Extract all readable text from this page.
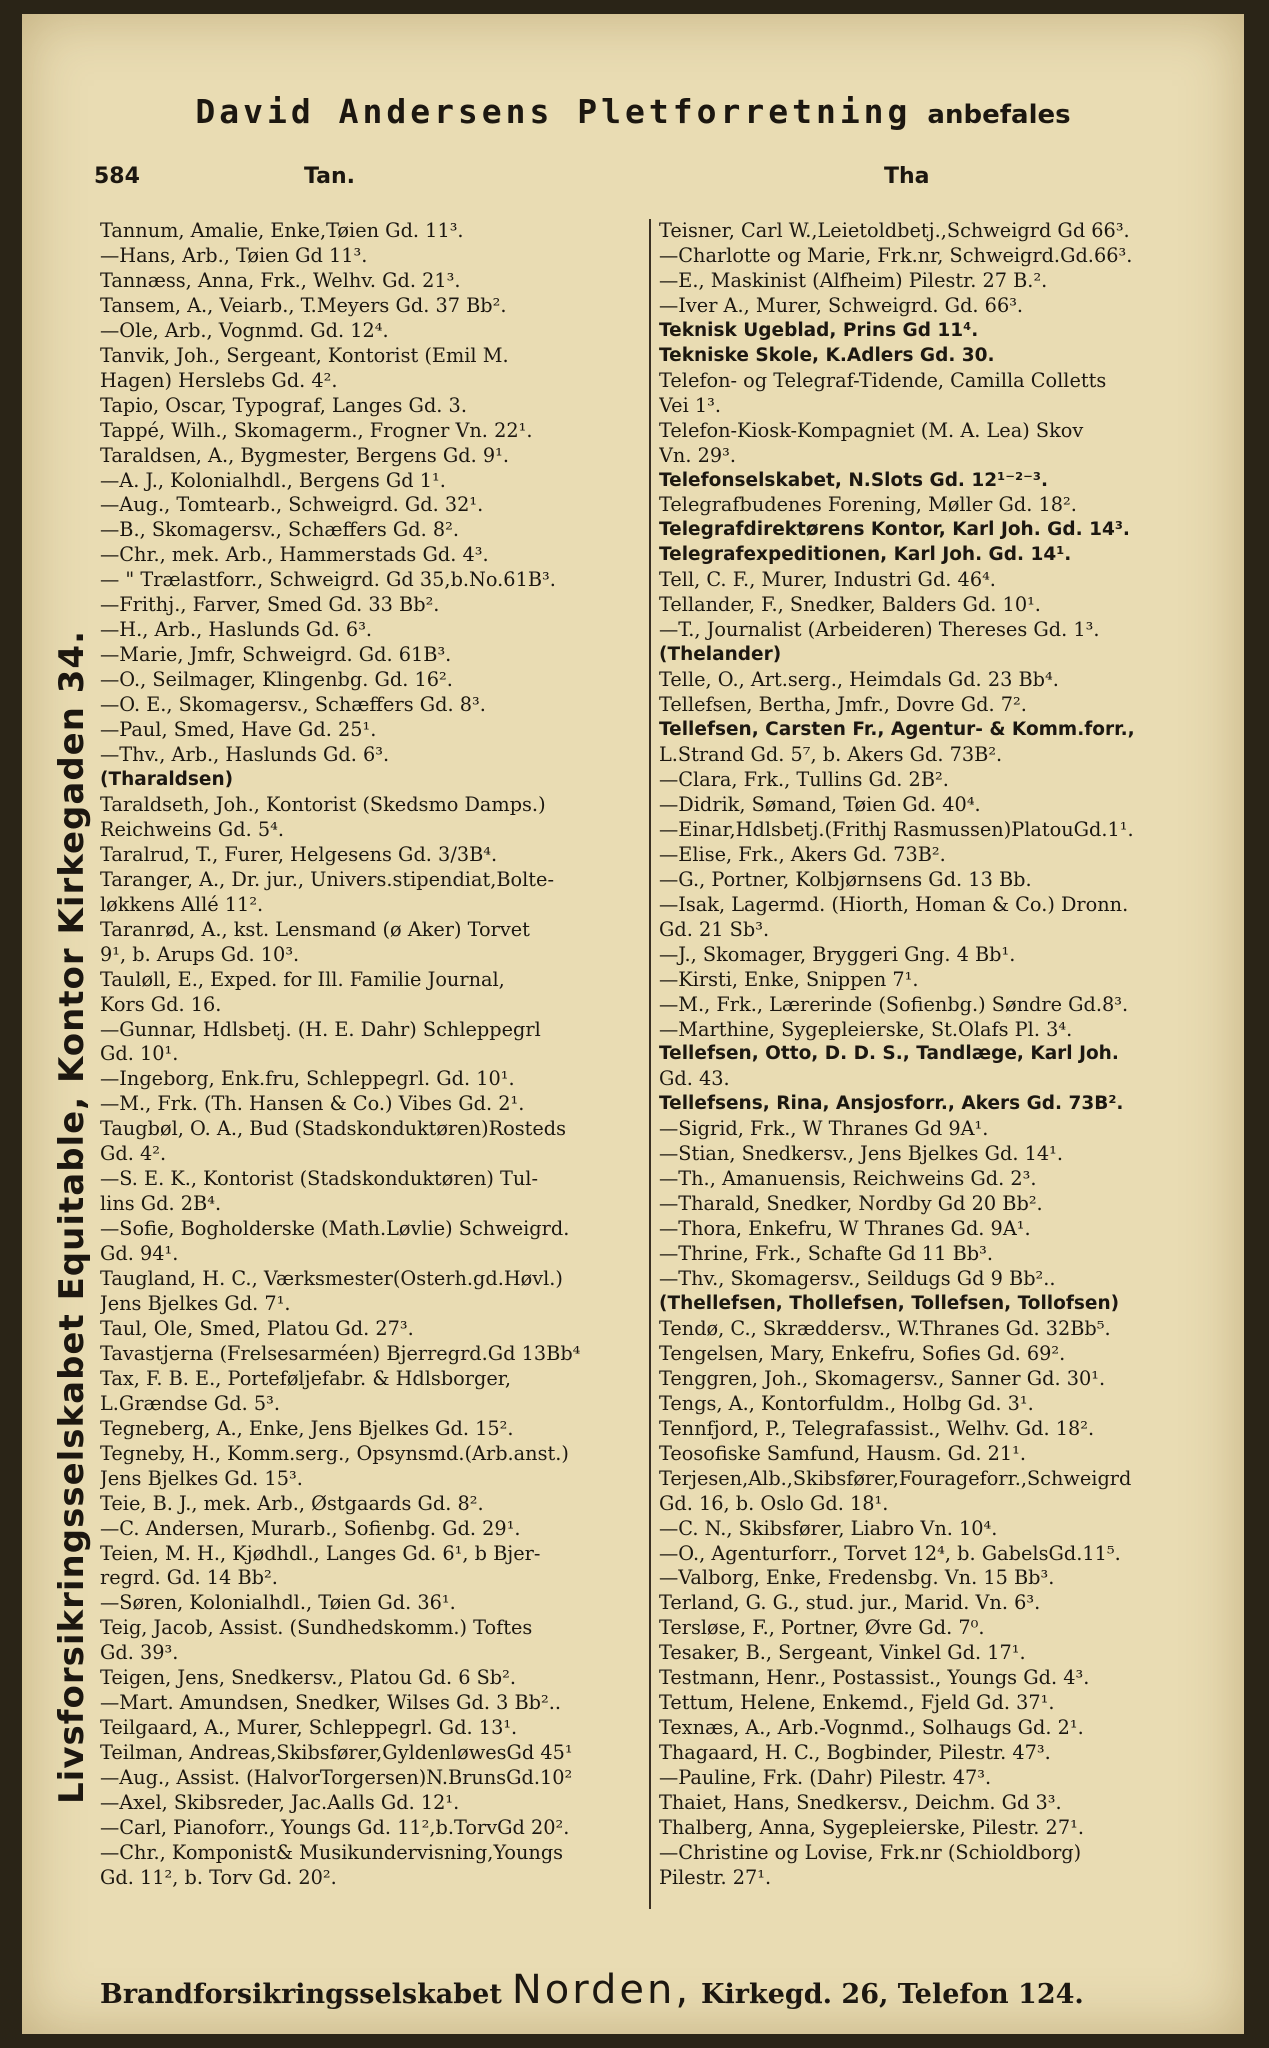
David Andersens Pletforretning anbefales
584	Tan.	Tha
Livsforsikringsselskabet Equitable, Kontor Kirkegaden 34.
Tannum, Amalie, Enke,Tøien Gd. 11³.
—Hans, Arb., Tøien Gd 11³.
Tannæss, Anna, Frk., Welhv. Gd. 21³.
Tansem, A., Veiarb., T.Meyers Gd. 37 Bb².
—Ole, Arb., Vognmd. Gd. 12⁴.
Tanvik, Joh., Sergeant, Kontorist (Emil M.
Hagen) Herslebs Gd. 4².
Tapio, Oscar, Typograf, Langes Gd. 3.
Tappé, Wilh., Skomagerm., Frogner Vn. 22¹.
Taraldsen, A., Bygmester, Bergens Gd. 9¹.
—A. J., Kolonialhdl., Bergens Gd 1¹.
—Aug., Tomtearb., Schweigrd. Gd. 32¹.
—B., Skomagersv., Schæffers Gd. 8².
—Chr., mek. Arb., Hammerstads Gd. 4³.
— " Trælastforr., Schweigrd. Gd 35,b.No.61B³.
—Frithj., Farver, Smed Gd. 33 Bb².
—H., Arb., Haslunds Gd. 6³.
—Marie, Jmfr, Schweigrd. Gd. 61B³.
—O., Seilmager, Klingenbg. Gd. 16².
—O. E., Skomagersv., Schæffers Gd. 8³.
—Paul, Smed, Have Gd. 25¹.
—Thv., Arb., Haslunds Gd. 6³.
(Tharaldsen)
Taraldseth, Joh., Kontorist (Skedsmo Damps.)
Reichweins Gd. 5⁴.
Taralrud, T., Furer, Helgesens Gd. 3/3B⁴.
Taranger, A., Dr. jur., Univers.stipendiat,Bolte-
løkkens Allé 11².
Taranrød, A., kst. Lensmand (ø Aker) Torvet
9¹, b. Arups Gd. 10³.
Tauløll, E., Exped. for Ill. Familie Journal,
Kors Gd. 16.
—Gunnar, Hdlsbetj. (H. E. Dahr) Schleppegrl
Gd. 10¹.
—Ingeborg, Enk.fru, Schleppegrl. Gd. 10¹.
—M., Frk. (Th. Hansen & Co.) Vibes Gd. 2¹.
Taugbøl, O. A., Bud (Stadskonduktøren)Rosteds
Gd. 4².
—S. E. K., Kontorist (Stadskonduktøren) Tul-
lins Gd. 2B⁴.
—Sofie, Bogholderske (Math.Løvlie) Schweigrd.
Gd. 94¹.
Taugland, H. C., Værksmester(Osterh.gd.Høvl.)
Jens Bjelkes Gd. 7¹.
Taul, Ole, Smed, Platou Gd. 27³.
Tavastjerna (Frelsesarméen) Bjerregrd.Gd 13Bb⁴
Tax, F. B. E., Porteføljefabr. & Hdlsborger,
L.Grændse Gd. 5³.
Tegneberg, A., Enke, Jens Bjelkes Gd. 15².
Tegneby, H., Komm.serg., Opsynsmd.(Arb.anst.)
Jens Bjelkes Gd. 15³.
Teie, B. J., mek. Arb., Østgaards Gd. 8².
—C. Andersen, Murarb., Sofienbg. Gd. 29¹.
Teien, M. H., Kjødhdl., Langes Gd. 6¹, b Bjer-
regrd. Gd. 14 Bb².
—Søren, Kolonialhdl., Tøien Gd. 36¹.
Teig, Jacob, Assist. (Sundhedskomm.) Toftes
Gd. 39³.
Teigen, Jens, Snedkersv., Platou Gd. 6 Sb².
—Mart. Amundsen, Snedker, Wilses Gd. 3 Bb²..
Teilgaard, A., Murer, Schleppegrl. Gd. 13¹.
Teilman, Andreas,Skibsfører,GyldenløwesGd 45¹
—Aug., Assist. (HalvorTorgersen)N.BrunsGd.10²
—Axel, Skibsreder, Jac.Aalls Gd. 12¹.
—Carl, Pianoforr., Youngs Gd. 11²,b.TorvGd 20².
—Chr., Komponist& Musikundervisning,Youngs
Gd. 11², b. Torv Gd. 20².
Teisner, Carl W.,Leietoldbetj.,Schweigrd Gd 66³.
—Charlotte og Marie, Frk.nr, Schweigrd.Gd.66³.
—E., Maskinist (Alfheim) Pilestr. 27 B.².
—Iver A., Murer, Schweigrd. Gd. 66³.
Teknisk Ugeblad, Prins Gd 11⁴.
Tekniske Skole, K.Adlers Gd. 30.
Telefon- og Telegraf-Tidende, Camilla Colletts
Vei 1³.
Telefon-Kiosk-Kompagniet (M. A. Lea) Skov
Vn. 29³.
Telefonselskabet, N.Slots Gd. 12¹⁻²⁻³.
Telegrafbudenes Forening, Møller Gd. 18².
Telegrafdirektørens Kontor, Karl Joh. Gd. 14³.
Telegrafexpeditionen, Karl Joh. Gd. 14¹.
Tell, C. F., Murer, Industri Gd. 46⁴.
Tellander, F., Snedker, Balders Gd. 10¹.
—T., Journalist (Arbeideren) Thereses Gd. 1³.
(Thelander)
Telle, O., Art.serg., Heimdals Gd. 23 Bb⁴.
Tellefsen, Bertha, Jmfr., Dovre Gd. 7².
Tellefsen, Carsten Fr., Agentur- & Komm.forr.,
L.Strand Gd. 5⁷, b. Akers Gd. 73B².
—Clara, Frk., Tullins Gd. 2B².
—Didrik, Sømand, Tøien Gd. 40⁴.
—Einar,Hdlsbetj.(Frithj Rasmussen)PlatouGd.1¹.
—Elise, Frk., Akers Gd. 73B².
—G., Portner, Kolbjørnsens Gd. 13 Bb.
—Isak, Lagermd. (Hiorth, Homan & Co.) Dronn.
Gd. 21 Sb³.
—J., Skomager, Bryggeri Gng. 4 Bb¹.
—Kirsti, Enke, Snippen 7¹.
—M., Frk., Lærerinde (Sofienbg.) Søndre Gd.8³.
—Marthine, Sygepleierske, St.Olafs Pl. 3⁴.
Tellefsen, Otto, D. D. S., Tandlæge, Karl Joh.
Gd. 43.
Tellefsens, Rina, Ansjosforr., Akers Gd. 73B².
—Sigrid, Frk., W Thranes Gd 9A¹.
—Stian, Snedkersv., Jens Bjelkes Gd. 14¹.
—Th., Amanuensis, Reichweins Gd. 2³.
—Tharald, Snedker, Nordby Gd 20 Bb².
—Thora, Enkefru, W Thranes Gd. 9A¹.
—Thrine, Frk., Schafte Gd 11 Bb³.
—Thv., Skomagersv., Seildugs Gd 9 Bb²..
(Thellefsen, Thollefsen, Tollefsen, Tollofsen)
Tendø, C., Skræddersv., W.Thranes Gd. 32Bb⁵.
Tengelsen, Mary, Enkefru, Sofies Gd. 69².
Tenggren, Joh., Skomagersv., Sanner Gd. 30¹.
Tengs, A., Kontorfuldm., Holbg Gd. 3¹.
Tennfjord, P., Telegrafassist., Welhv. Gd. 18².
Teosofiske Samfund, Hausm. Gd. 21¹.
Terjesen,Alb.,Skibsfører,Fourageforr.,Schweigrd
Gd. 16, b. Oslo Gd. 18¹.
—C. N., Skibsfører, Liabro Vn. 10⁴.
—O., Agenturforr., Torvet 12⁴, b. GabelsGd.11⁵.
—Valborg, Enke, Fredensbg. Vn. 15 Bb³.
Terland, G. G., stud. jur., Marid. Vn. 6³.
Tersløse, F., Portner, Øvre Gd. 7⁰.
Tesaker, B., Sergeant, Vinkel Gd. 17¹.
Testmann, Henr., Postassist., Youngs Gd. 4³.
Tettum, Helene, Enkemd., Fjeld Gd. 37¹.
Texnæs, A., Arb.-Vognmd., Solhaugs Gd. 2¹.
Thagaard, H. C., Bogbinder, Pilestr. 47³.
—Pauline, Frk. (Dahr) Pilestr. 47³.
Thaiet, Hans, Snedkersv., Deichm. Gd 3³.
Thalberg, Anna, Sygepleierske, Pilestr. 27¹.
—Christine og Lovise, Frk.nr (Schioldborg)
Pilestr. 27¹.
Brandforsikringsselskabet Norden, Kirkegd. 26, Telefon 124.
